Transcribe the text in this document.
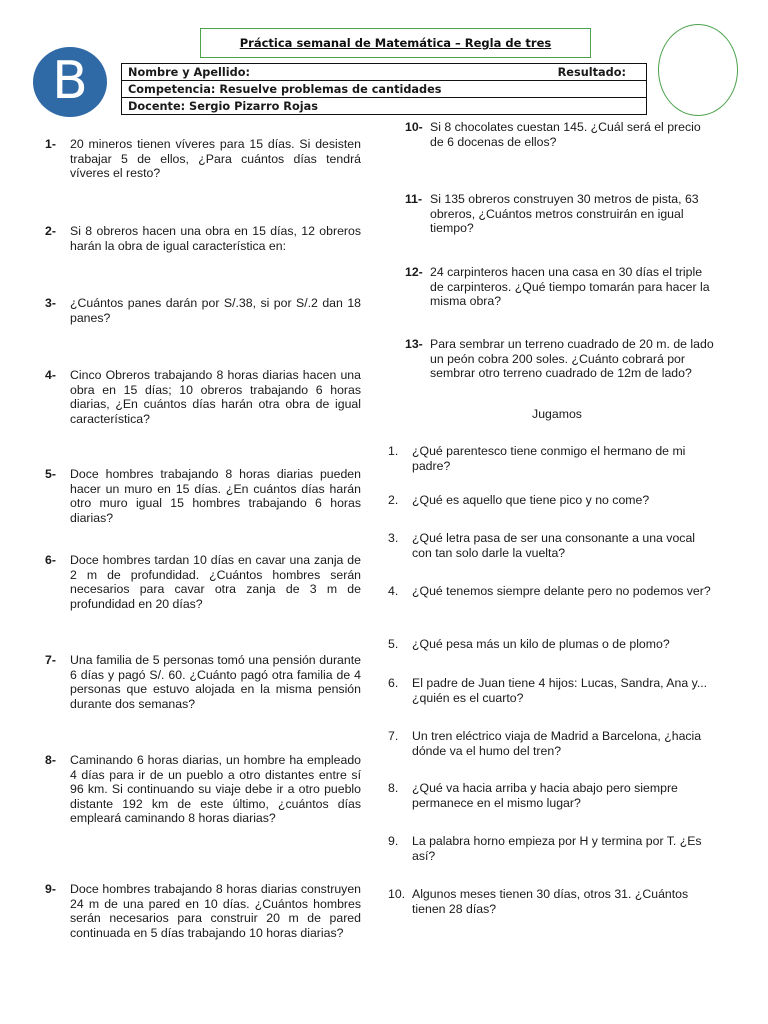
Práctica semanal de Matemática – Regla de tres
B	Nombre y Apellido:	Resultado:

Competencia: Resuelve problemas de cantidades
Docente: Sergio Pizarro Rojas
1-	20 mineros tienen víveres para 15 días. Si desisten trabajar 5 de ellos, ¿Para cuántos días tendrá víveres el resto?
2-	Si 8 obreros hacen una obra en 15 días, 12 obreros harán la obra de igual característica en:
3-	¿Cuántos panes darán por S/.38, si por S/.2 dan 18 panes?
4-	Cinco Obreros trabajando 8 horas diarias hacen una obra en 15 días; 10 obreros trabajando 6 horas diarias, ¿En cuántos días harán otra obra de igual característica?
5-	Doce hombres trabajando 8 horas diarias pueden hacer un muro en 15 días. ¿En cuántos días harán otro muro igual 15 hombres trabajando 6 horas diarias?
6-	Doce hombres tardan 10 días en cavar una zanja de 2 m de profundidad. ¿Cuántos hombres serán necesarios para cavar otra zanja de 3 m de profundidad en 20 días?
7-	Una familia de 5 personas tomó una pensión durante 6 días y pagó S/. 60. ¿Cuánto pagó otra familia de 4 personas que estuvo alojada en la misma pensión durante dos semanas?
8-	Caminando 6 horas diarias, un hombre ha empleado 4 días para ir de un pueblo a otro distantes entre sí 96 km. Si continuando su viaje debe ir a otro pueblo distante 192 km de este último, ¿cuántos días empleará caminando 8 horas diarias?
9-	Doce hombres trabajando 8 horas diarias construyen 24 m de una pared en 10 días. ¿Cuántos hombres serán necesarios para construir 20 m de pared continuada en 5 días trabajando 10 horas diarias?
10- Si 8 chocolates cuestan 145. ¿Cuál será el precio de 6 docenas de ellos?
11- Si 135 obreros construyen 30 metros de pista, 63 obreros, ¿Cuántos metros construirán en igual tiempo?
12- 24 carpinteros hacen una casa en 30 días el triple de carpinteros. ¿Qué tiempo tomarán para hacer la misma obra?
13- Para sembrar un terreno cuadrado de 20 m. de lado un peón cobra 200 soles. ¿Cuánto cobrará por sembrar otro terreno cuadrado de 12m de lado?
Jugamos
1.	¿Qué parentesco tiene conmigo el hermano de mi padre?
2.	¿Qué es aquello que tiene pico y no come?
3.	¿Qué letra pasa de ser una consonante a una vocal con tan solo darle la vuelta?
4.	¿Qué tenemos siempre delante pero no podemos ver?
5.	¿Qué pesa más un kilo de plumas o de plomo?
6.	El padre de Juan tiene 4 hijos: Lucas, Sandra, Ana y... ¿quién es el cuarto?
7.	Un tren eléctrico viaja de Madrid a Barcelona, ¿hacia dónde va el humo del tren?
8.	¿Qué va hacia arriba y hacia abajo pero siempre permanece en el mismo lugar?
9.	La palabra horno empieza por H y termina por T. ¿Es así?
10. Algunos meses tienen 30 días, otros 31. ¿Cuántos tienen 28 días?
